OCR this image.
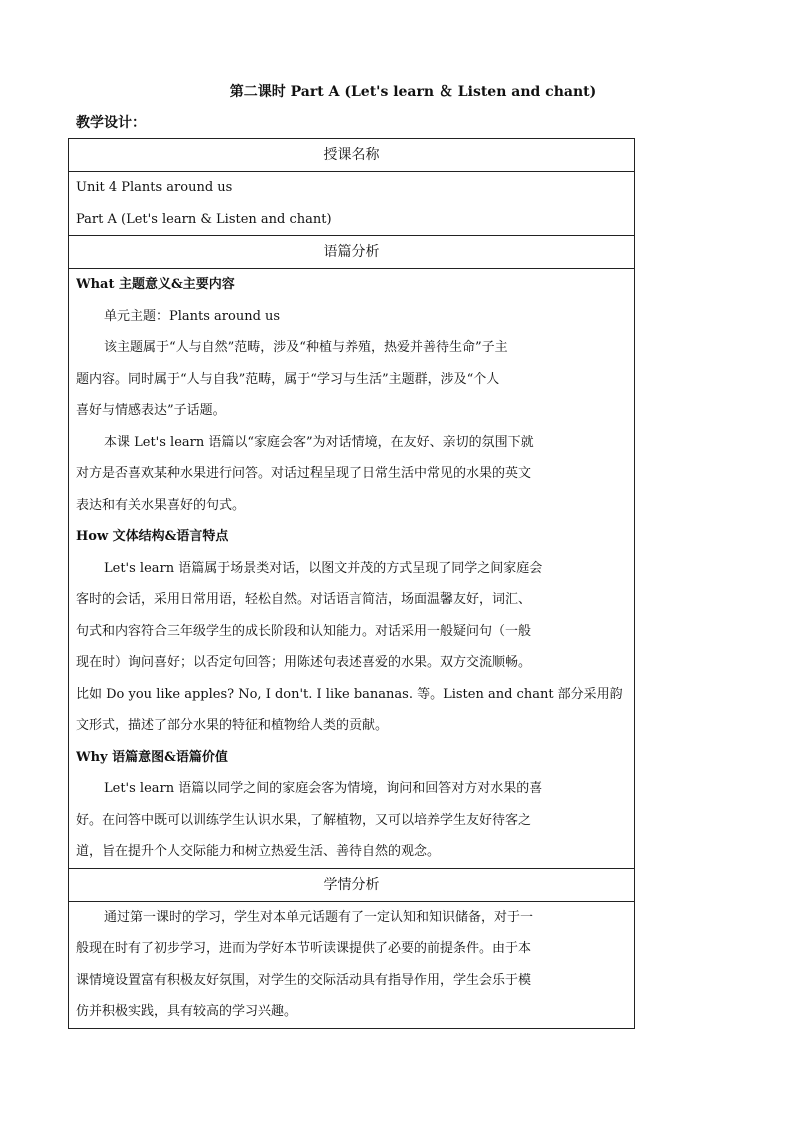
第二课时 Part A (Let's learn ＆ Listen and chant)
教学设计：
授课名称
Unit 4 Plants around us
Part A (Let's learn & Listen and chant)
语篇分析
What 主题意义&主要内容
单元主题：Plants around us
该主题属于“人与自然”范畴，涉及“种植与养殖，热爱并善待生命”子主
题内容。同时属于“人与自我”范畴，属于“学习与生活”主题群，涉及“个人
喜好与情感表达”子话题。
本课 Let's learn 语篇以“家庭会客”为对话情境，在友好、亲切的氛围下就
对方是否喜欢某种水果进行问答。对话过程呈现了日常生活中常见的水果的英文
表达和有关水果喜好的句式。
How 文体结构&语言特点
Let's learn 语篇属于场景类对话，以图文并茂的方式呈现了同学之间家庭会
客时的会话，采用日常用语，轻松自然。对话语言简洁，场面温馨友好，词汇、
句式和内容符合三年级学生的成长阶段和认知能力。对话采用一般疑问句（一般
现在时）询问喜好；以否定句回答；用陈述句表述喜爱的水果。双方交流顺畅。
比如 Do you like apples? No, I don't. I like bananas. 等。Listen and chant 部分采用韵
文形式，描述了部分水果的特征和植物给人类的贡献。
Why 语篇意图&语篇价值
Let's learn 语篇以同学之间的家庭会客为情境，询问和回答对方对水果的喜
好。在问答中既可以训练学生认识水果，了解植物，又可以培养学生友好待客之
道，旨在提升个人交际能力和树立热爱生活、善待自然的观念。
学情分析
通过第一课时的学习，学生对本单元话题有了一定认知和知识储备，对于一
般现在时有了初步学习，进而为学好本节听读课提供了必要的前提条件。由于本
课情境设置富有积极友好氛围，对学生的交际活动具有指导作用，学生会乐于模
仿并积极实践，具有较高的学习兴趣。
